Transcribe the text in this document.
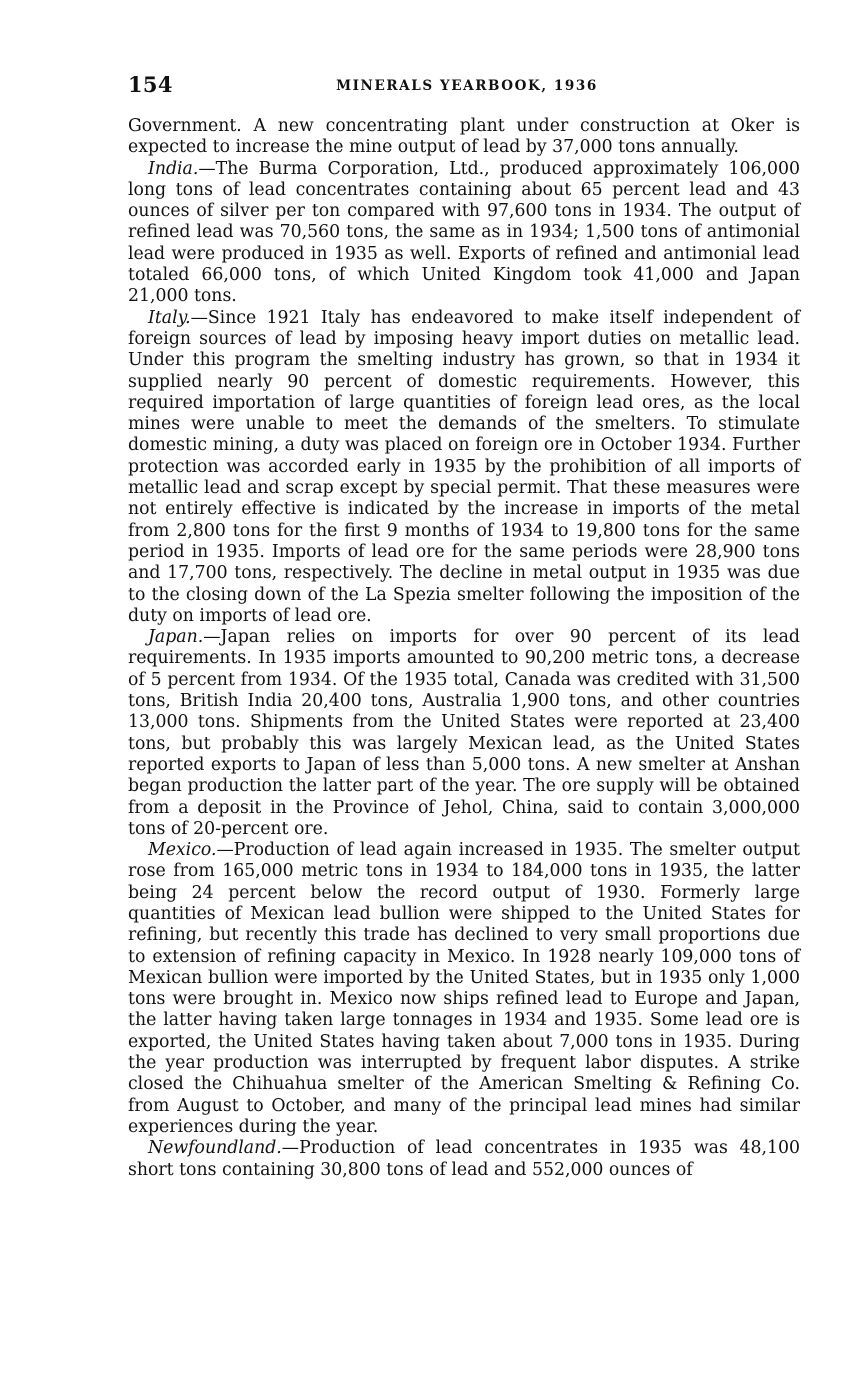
154	MINERALS YEARBOOK, 1936

Government. A new concentrating plant under construction at Oker is expected to increase the mine output of lead by 37,000 tons annually.

India.—The Burma Corporation, Ltd., produced approximately 106,000 long tons of lead concentrates containing about 65 percent lead and 43 ounces of silver per ton compared with 97,600 tons in 1934. The output of refined lead was 70,560 tons, the same as in 1934; 1,500 tons of antimonial lead were produced in 1935 as well. Exports of refined and antimonial lead totaled 66,000 tons, of which United Kingdom took 41,000 and Japan 21,000 tons.

Italy.—Since 1921 Italy has endeavored to make itself independent of foreign sources of lead by imposing heavy import duties on metallic lead. Under this program the smelting industry has grown, so that in 1934 it supplied nearly 90 percent of domestic requirements. However, this required importation of large quantities of foreign lead ores, as the local mines were unable to meet the demands of the smelters. To stimulate domestic mining, a duty was placed on foreign ore in October 1934. Further protection was accorded early in 1935 by the prohibition of all imports of metallic lead and scrap except by special permit. That these measures were not entirely effective is indicated by the increase in imports of the metal from 2,800 tons for the first 9 months of 1934 to 19,800 tons for the same period in 1935. Imports of lead ore for the same periods were 28,900 tons and 17,700 tons, respectively. The decline in metal output in 1935 was due to the closing down of the La Spezia smelter following the imposition of the duty on imports of lead ore.

Japan.—Japan relies on imports for over 90 percent of its lead requirements. In 1935 imports amounted to 90,200 metric tons, a decrease of 5 percent from 1934. Of the 1935 total, Canada was credited with 31,500 tons, British India 20,400 tons, Australia 1,900 tons, and other countries 13,000 tons. Shipments from the United States were reported at 23,400 tons, but probably this was largely Mexican lead, as the United States reported exports to Japan of less than 5,000 tons. A new smelter at Anshan began production the latter part of the year. The ore supply will be obtained from a deposit in the Province of Jehol, China, said to contain 3,000,000 tons of 20-percent ore.

Mexico.—Production of lead again increased in 1935. The smelter output rose from 165,000 metric tons in 1934 to 184,000 tons in 1935, the latter being 24 percent below the record output of 1930. Formerly large quantities of Mexican lead bullion were shipped to the United States for refining, but recently this trade has declined to very small proportions due to extension of refining capacity in Mexico. In 1928 nearly 109,000 tons of Mexican bullion were imported by the United States, but in 1935 only 1,000 tons were brought in. Mexico now ships refined lead to Europe and Japan, the latter having taken large tonnages in 1934 and 1935. Some lead ore is exported, the United States having taken about 7,000 tons in 1935. During the year production was interrupted by frequent labor disputes. A strike closed the Chihuahua smelter of the American Smelting & Refining Co. from August to October, and many of the principal lead mines had similar experiences during the year.

Newfoundland.—Production of lead concentrates in 1935 was 48,100 short tons containing 30,800 tons of lead and 552,000 ounces of
